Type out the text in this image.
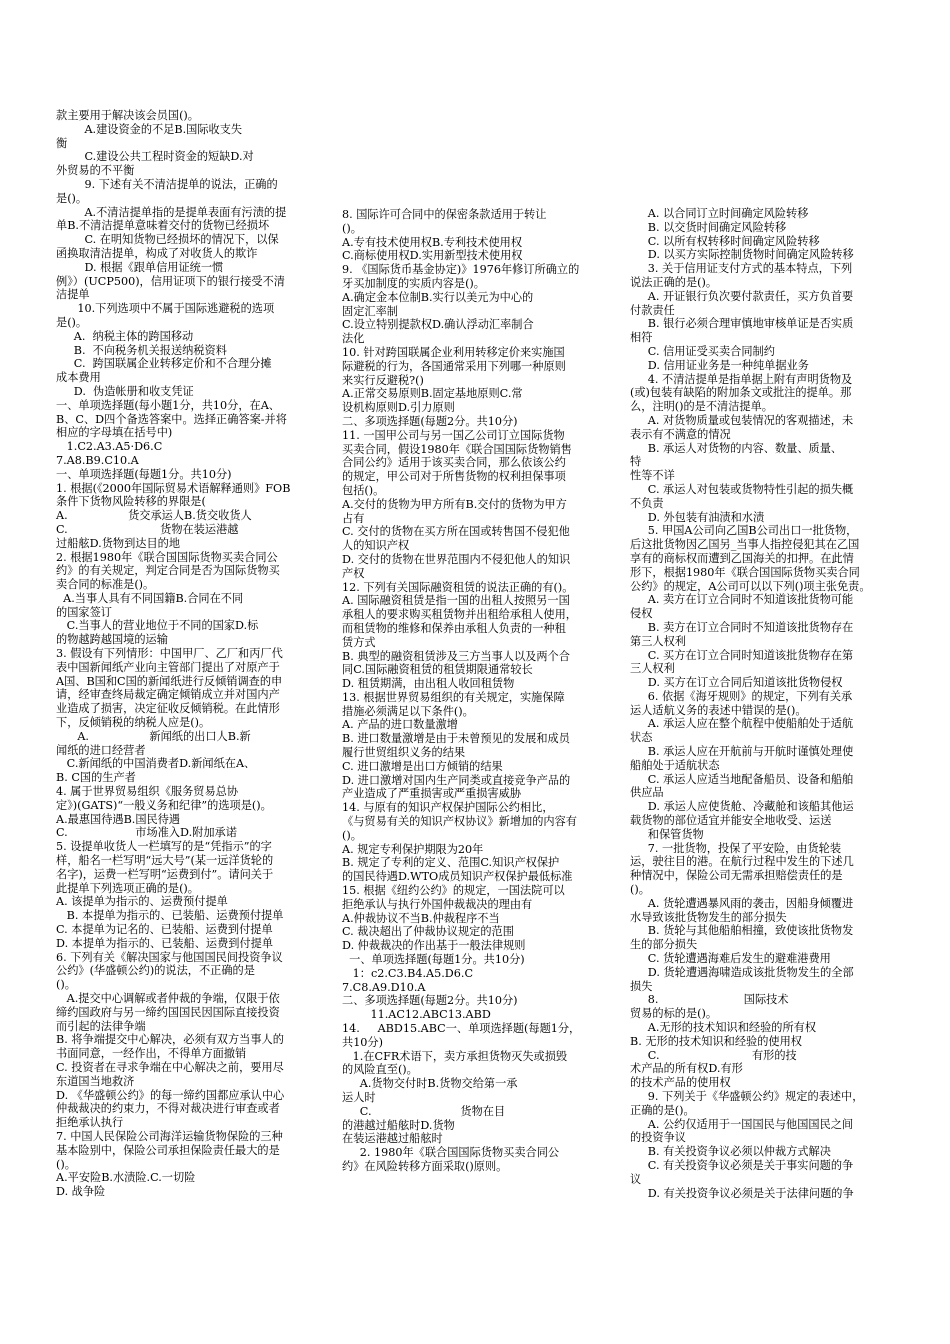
款主要用于解决该会员国()。

A.建设资金的不足B.国际收支失

衡

C.建设公共工程时资金的短缺D.对

外贸易的不平衡

9. 下述有关不清洁提单的说法，正确的

是()。

A.不清洁提单指的是提单表面有污渍的提

单B.不清洁提单意味着交付的货物已经损坏

C. 在明知货物已经损坏的情况下，以保

函换取清洁提单，构成了对收货人的欺诈

D. 根据《跟单信用证统一惯

例》）(UCP500)，信用证项下的银行接受不清

洁提单

10.下列选项中不属于国际逃避税的选项

是()。

A.  纳税主体的跨国移动

B.  不向税务机关报送纳税资料

C.  跨国联属企业转移定价和不合理分摊

成本费用

D.  伪造帐册和收支凭证

一、单项选择题(每小题1分，共10分，在A、

B、C、D四个备选答案中。选择正确答案-并将

相应的字母填在括号中)

1.C2.A3.A5·D6.C

7.A8.B9.C10.A

一、单项选择题(每题1分。共10分)

1. 根据(《2000年国际贸易术语解释通则》FOB

条件下货物风险转移的界限是(

A.                 货交承运人B.货交收货人

C.                          货物在装运港越

过船舷D.货物到达目的地

2. 根据1980年《联合国国际货物买卖合同公

约》的有关规定，判定合同是否为国际货物买

卖合同的标准是()。

A.当事人具有不同国籍B.合同在不同

的国家签订

C.当事人的营业地位于不同的国家D.标

的物越跨越国境的运输

3. 假设有下列情形：中国甲厂、乙厂和丙厂代

表中国新闻纸产业向主管部门提出了对原产于

A国、B国和C国的新闻纸进行反倾销调查的申

请，经审查终局裁定确定倾销成立并对国内产

业造成了损害，决定征收反倾销税。在此情形

下，反倾销税的纳税人应是()。

A.                 新闻纸的出口人B.新

闻纸的进口经营者

C.新闻纸的中国消费者D.新闻纸在A、

B. C国的生产者

4. 属于世界贸易组织《服务贸易总协

定》)(GATS)“一般义务和纪律”的选项是()。

A.最惠国待遇B.国民待遇

C.                   市场准入D.附加承诺

5. 设提单收货人一栏填写的是“凭指示”的字

样，船名一栏写明“远大号”(某一远洋货轮的

名字)，运费一栏写明“运费到付”。请问关于

此提单下列选项正确的是()。

A. 该提单为指示的、运费预付提单

B. 本提单为指示的、已装船、运费预付提单

C. 本提单为记名的、已装船、运费到付提单

D. 本提单为指示的、已装船、运费到付提单

6. 下列有关《解决国家与他国国民间投资争议

公约》(华盛顿公约)的说法，不正确的是

()。

A.提交中心调解或者仲裁的争端，仅限于依

缔约国政府与另一缔约国国民因国际直接投资

而引起的法律争端

B. 将争端提交中心解决，必须有双方当事人的

书面同意，一经作出，不得单方面撤销

C. 投资者在寻求争端在中心解决之前，要用尽

东道国当地救济

D. 《华盛顿公约》的每一缔约国都应承认中心

仲裁裁决的约束力，不得对裁决进行审查或者

拒绝承认执行

7. 中国人民保险公司海洋运输货物保险的三种

基本险别中，保险公司承担保险责任最大的是

()。

A.平安险B.水渍险.C.一切险

D. 战争险

8. 国际许可合同中的保密条款适用于转让

()。

A.专有技术使用权B.专利技术使用权

C.商标使用权D.实用新型技术使用权

9. 《国际货币基金协定)》1976年修订所确立的

牙买加制度的实质内容是()。

A.确定金本位制B.实行以美元为中心的

固定汇率制

C.设立特别提款权D.确认浮动汇率制合

法化

10. 针对跨国联属企业利用转移定价来实施国

际避税的行为，各国通常采用下列哪一种原则

来实行反避税?()

A.正常交易原则B.固定基地原则C.常

设机构原则D.引力原则

二、多项选择题(每题2分。共10分)

11. 一国甲公司与另一国乙公司订立国际货物

买卖合同，假设1980年《联合国国际货物销售

合同公约》适用于该买卖合同，那么依该公约

的规定，甲公司对于所售货物的权利担保事项

包括()。

A.交付的货物为甲方所有B.交付的货物为甲方

占有

C. 交付的货物在买方所在国或转售国不侵犯他

人的知识产权

D. 交付的货物在世界范围内不侵犯他人的知识

产权

12. 下列有关国际融资租赁的说法正确的有()。

A. 国际融资租赁是指一国的出租人按照另一国

承租人的要求购买租赁物并出租给承租人使用，

而租赁物的维修和保养由承租人负责的一种租

赁方式

B. 典型的融资租赁涉及三方当事人以及两个合

同C.国际融资租赁的租赁期限通常较长

D. 租赁期满，由出租人收回租赁物

13. 根据世界贸易组织的有关规定，实施保障

措施必须满足以下条件()。

A. 产品的进口数量激增

B. 进口数量激增是由于未曾预见的发展和成员

履行世贸组织义务的结果

C. 进口激增是出口方倾销的结果

D. 进口激增对国内生产同类或直接竞争产品的

产业造成了严重损害或严重损害威胁

14. 与原有的知识产权保护国际公约相比，

《与贸易有关的知识产权协议》新增加的内容有

()。

A. 规定专利保护期限为20年

B. 规定了专利的定义、范围C.知识产权保护

的国民待遇D.WTO成员知识产权保护最低标准

15. 根据《纽约公约》的规定，一国法院可以

拒绝承认与执行外国仲裁裁决的理由有

A.仲裁协议不当B.仲裁程序不当

C. 裁决超出了仲裁协议规定的范围

D. 仲裁裁决的作出基于一般法律规则

一、单项选择题(每题1分。共10分)

1：c2.C3.B4.A5.D6.C

7.C8.A9.D10.A

二、多项选择题(每题2分。共10分)

11.AC12.ABC13.ABD

14.     ABD15.ABC一、单项选择题(每题1分，

共10分)

1.在CFR术语下，卖方承担货物灭失或损毁

的风险直至()。

A.货物交付时B.货物交给第一承

运人时

C.                         货物在目

的港越过船舷时D.货物

在装运港越过船舷时

2. 1980年《联合国国际货物买卖合同公

约》在风险转移方面采取()原则。

A. 以合同订立时间确定风险转移

B. 以交货时间确定风险转移

C. 以所有权转移时间确定风险转移

D. 以买方实际控制货物时间确定风险转移

3. 关于信用证支付方式的基本特点，下列

说法正确的是()。

A. 开证银行负次要付款责任，买方负首要

付款责任

B. 银行必须合理审慎地审核单证是否实质

相符

C. 信用证受买卖合同制约

D. 信用证业务是一种纯单据业务

4. 不清洁提单是指单据上附有声明货物及

(或)包装有缺陷的附加条文或批注的提单。那

么，注明()的是不清洁提单。

A. 对货物质量或包装情况的客观描述，未

表示有不满意的情况

B. 承运人对货物的内容、数量、质量、

特

性等不详

C. 承运人对包装或货物特性引起的损失概

不负责

D. 外包装有油渍和水渍

5. 甲国A公司向乙国B公司出口一批货物，

后这批货物因乙国另_当事人指控侵犯其在乙国

享有的商标权而遭到乙国海关的扣押。在此情

形下，根据1980年《联合国国际货物买卖合同

公约》的规定，A公司可以以下列()项主张免责。

A. 卖方在订立合同时不知道该批货物可能

侵权

B. 卖方在订立合同时不知道该批货物存在

第三人权利

C. 买方在订立合同时知道该批货物存在第

三人权利

D. 买方在订立合同后知道该批货物侵权

6. 依据《海牙规则》的规定，下列有关承

运人适航义务的表述中错误的是()。

A. 承运人应在整个航程中使船舶处于适航

状态

B. 承运人应在开航前与开航时谨慎处理使

船舶处于适航状态

C. 承运人应适当地配备船员、设备和船舶

供应品

D. 承运人应使货舱、冷藏舱和该船其他运

载货物的部位适宜并能安全地收受、运送

和保管货物

7. 一批货物，投保了平安险，由货轮装

运，驶往目的港。在航行过程中发生的下述几

种情况中，保险公司无需承担赔偿责任的是

()。

A. 货轮遭遇暴风雨的袭击，因船身倾覆进

水导致该批货物发生的部分损失

B. 货轮与其他船舶相撞，致使该批货物发

生的部分损失

C. 货轮遭遇海难后发生的避难港费用

D. 货轮遭遇海啸造成该批货物发生的全部

损失

8.                        国际技术

贸易的标的是()。

A.无形的技术知识和经验的所有权

B. 无形的技术知识和经验的使用权

C.                          有形的技

术产品的所有权D.有形

的技术产品的使用权

9. 下列关于《华盛顿公约》规定的表述中，

正确的是()。

A. 公约仅适用于一国国民与他国国民之间

的投资争议

B. 有关投资争议必须以仲裁方式解决

C. 有关投资争议必须是关于事实问题的争

议

D. 有关投资争议必须是关于法律问题的争
